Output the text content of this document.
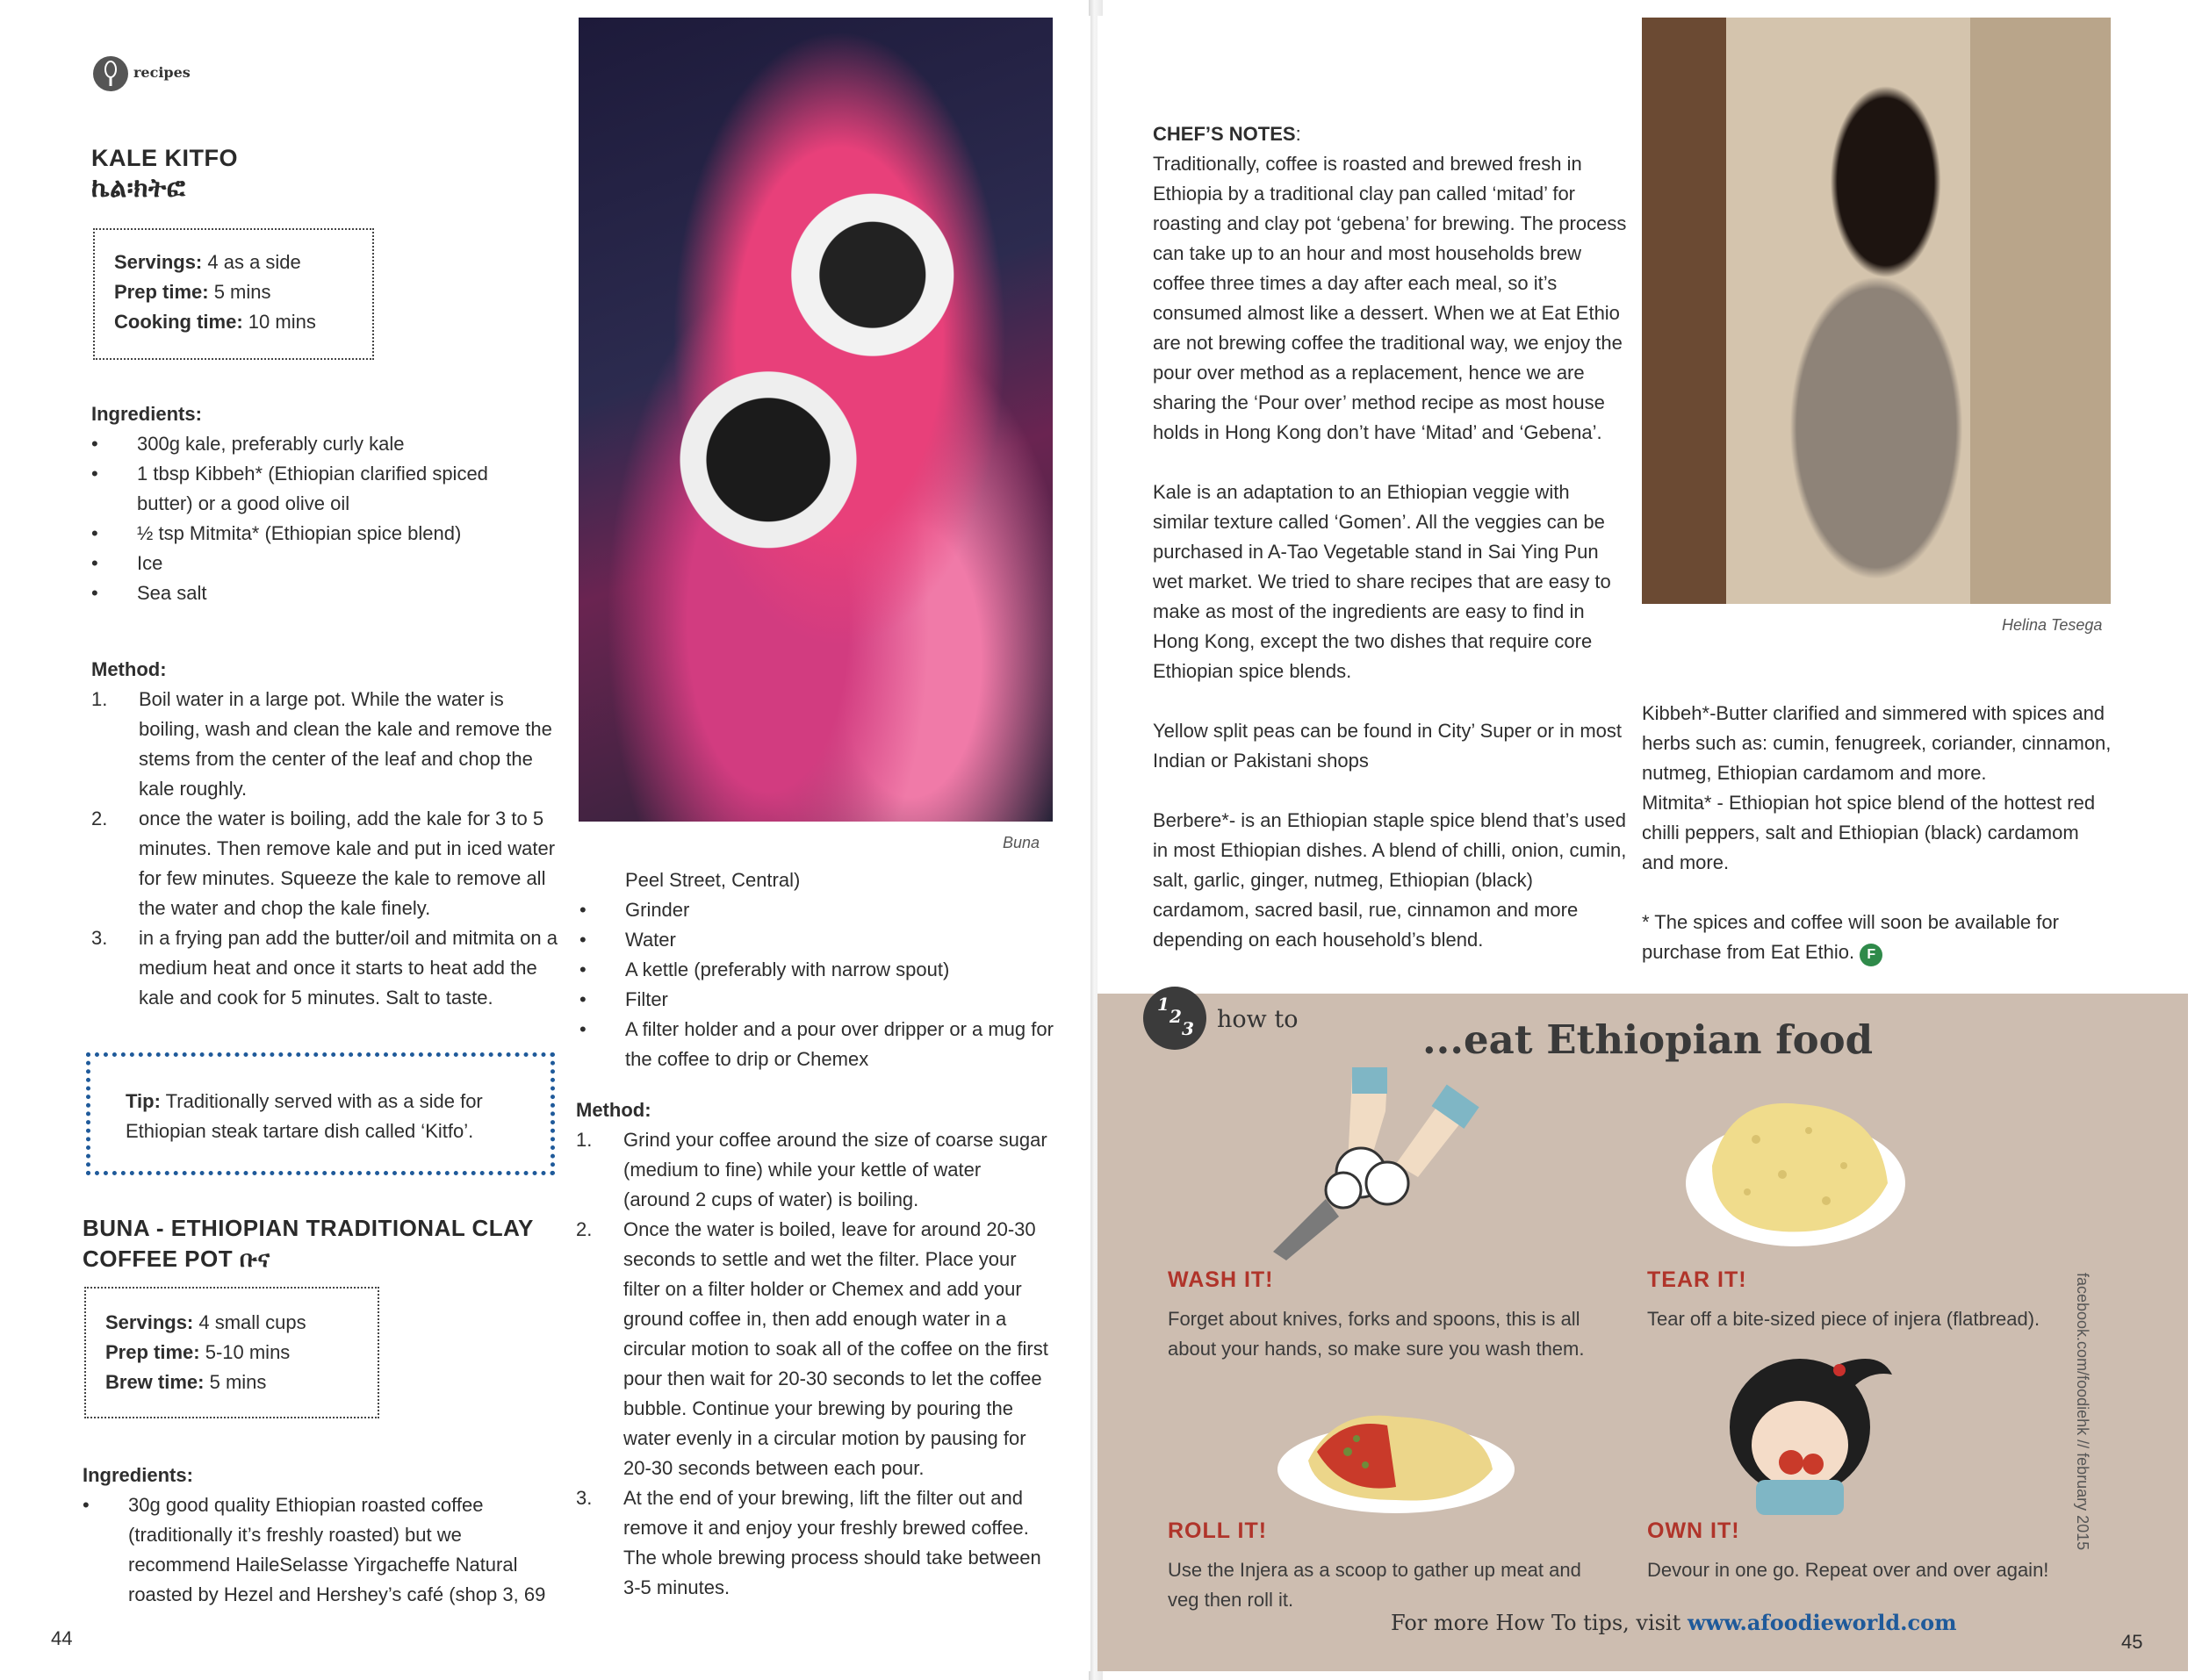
recipes
KALE KITFO
ኬል፡ክትፎ
Servings: 4 as a side
Prep time: 5 mins
Cooking time: 10 mins
Ingredients:
• 300g kale, preferably curly kale
• 1 tbsp Kibbeh* (Ethiopian clarified spiced butter) or a good olive oil
• ½ tsp Mitmita* (Ethiopian spice blend)
• Ice
• Sea salt
Method:
1. Boil water in a large pot. While the water is boiling, wash and clean the kale and remove the stems from the center of the leaf and chop the kale roughly.
2. once the water is boiling, add the kale for 3 to 5 minutes. Then remove kale and put in iced water for few minutes. Squeeze the kale to remove all the water and chop the kale finely.
3. in a frying pan add the butter/oil and mitmita on a medium heat and once it starts to heat add the kale and cook for 5 minutes. Salt to taste.
Tip: Traditionally served with as a side for Ethiopian steak tartare dish called ‘Kitfo’.
BUNA - ETHIOPIAN TRADITIONAL CLAY
COFFEE POT ቡና
Servings: 4 small cups
Prep time: 5-10 mins
Brew time: 5 mins
Ingredients:
• 30g good quality Ethiopian roasted coffee (traditionally it’s freshly roasted) but we recommend HaileSelasse Yirgacheffe Natural roasted by Hezel and Hershey’s café (shop 3, 69
44
Buna
Peel Street, Central)
• Grinder
• Water
• A kettle (preferably with narrow spout)
• Filter
• A filter holder and a pour over dripper or a mug for the coffee to drip or Chemex
Method:
1. Grind your coffee around the size of coarse sugar (medium to fine) while your kettle of water (around 2 cups of water) is boiling.
2. Once the water is boiled, leave for around 20-30 seconds to settle and wet the filter. Place your filter on a filter holder or Chemex and add your ground coffee in, then add enough water in a circular motion to soak all of the coffee on the first pour then wait for 20-30 seconds to let the coffee bubble. Continue your brewing by pouring the water evenly in a circular motion by pausing for 20-30 seconds between each pour.
3. At the end of your brewing, lift the filter out and remove it and enjoy your freshly brewed coffee. The whole brewing process should take between 3-5 minutes.
CHEF’S NOTES:

Traditionally, coffee is roasted and brewed fresh in Ethiopia by a traditional clay pan called ‘mitad’ for roasting and clay pot ‘gebena’ for brewing. The process can take up to an hour and most households brew coffee three times a day after each meal, so it’s consumed almost like a dessert. When we at Eat Ethio are not brewing coffee the traditional way, we enjoy the pour over method as a replacement, hence we are sharing the ‘Pour over’ method recipe as most house holds in Hong Kong don’t have ‘Mitad’ and ‘Gebena’.

Kale is an adaptation to an Ethiopian veggie with similar texture called ‘Gomen’. All the veggies can be purchased in A-Tao Vegetable stand in Sai Ying Pun wet market. We tried to share recipes that are easy to make as most of the ingredients are easy to find in Hong Kong, except the two dishes that require core Ethiopian spice blends.

Yellow split peas can be found in City’ Super or in most Indian or Pakistani shops

Berbere*- is an Ethiopian staple spice blend that’s used in most Ethiopian dishes. A blend of chilli, onion, cumin, salt, garlic, ginger, nutmeg, Ethiopian (black) cardamom, sacred basil, rue, cinnamon and more depending on each household’s blend.

Helina Tesega

Kibbeh*-Butter clarified and simmered with spices and herbs such as: cumin, fenugreek, coriander, cinnamon, nutmeg, Ethiopian cardamom and more.

Mitmita* - Ethiopian hot spice blend of the hottest red chilli peppers, salt and Ethiopian (black) cardamom and more.

* The spices and coffee will soon be available for purchase from Eat Ethio. F

1
2
3 how to	...eat Ethiopian food
WASH IT!
Forget about knives, forks and spoons, this is all about your hands, so make sure you wash them.
TEAR IT!
Tear off a bite-sized piece of injera (flatbread).
ROLL IT!
Use the Injera as a scoop to gather up meat and veg then roll it.
OWN IT!
Devour in one go. Repeat over and over again!
For more How To tips, visit www.afoodieworld.com
facebook.com/foodiehk // february 2015
45
